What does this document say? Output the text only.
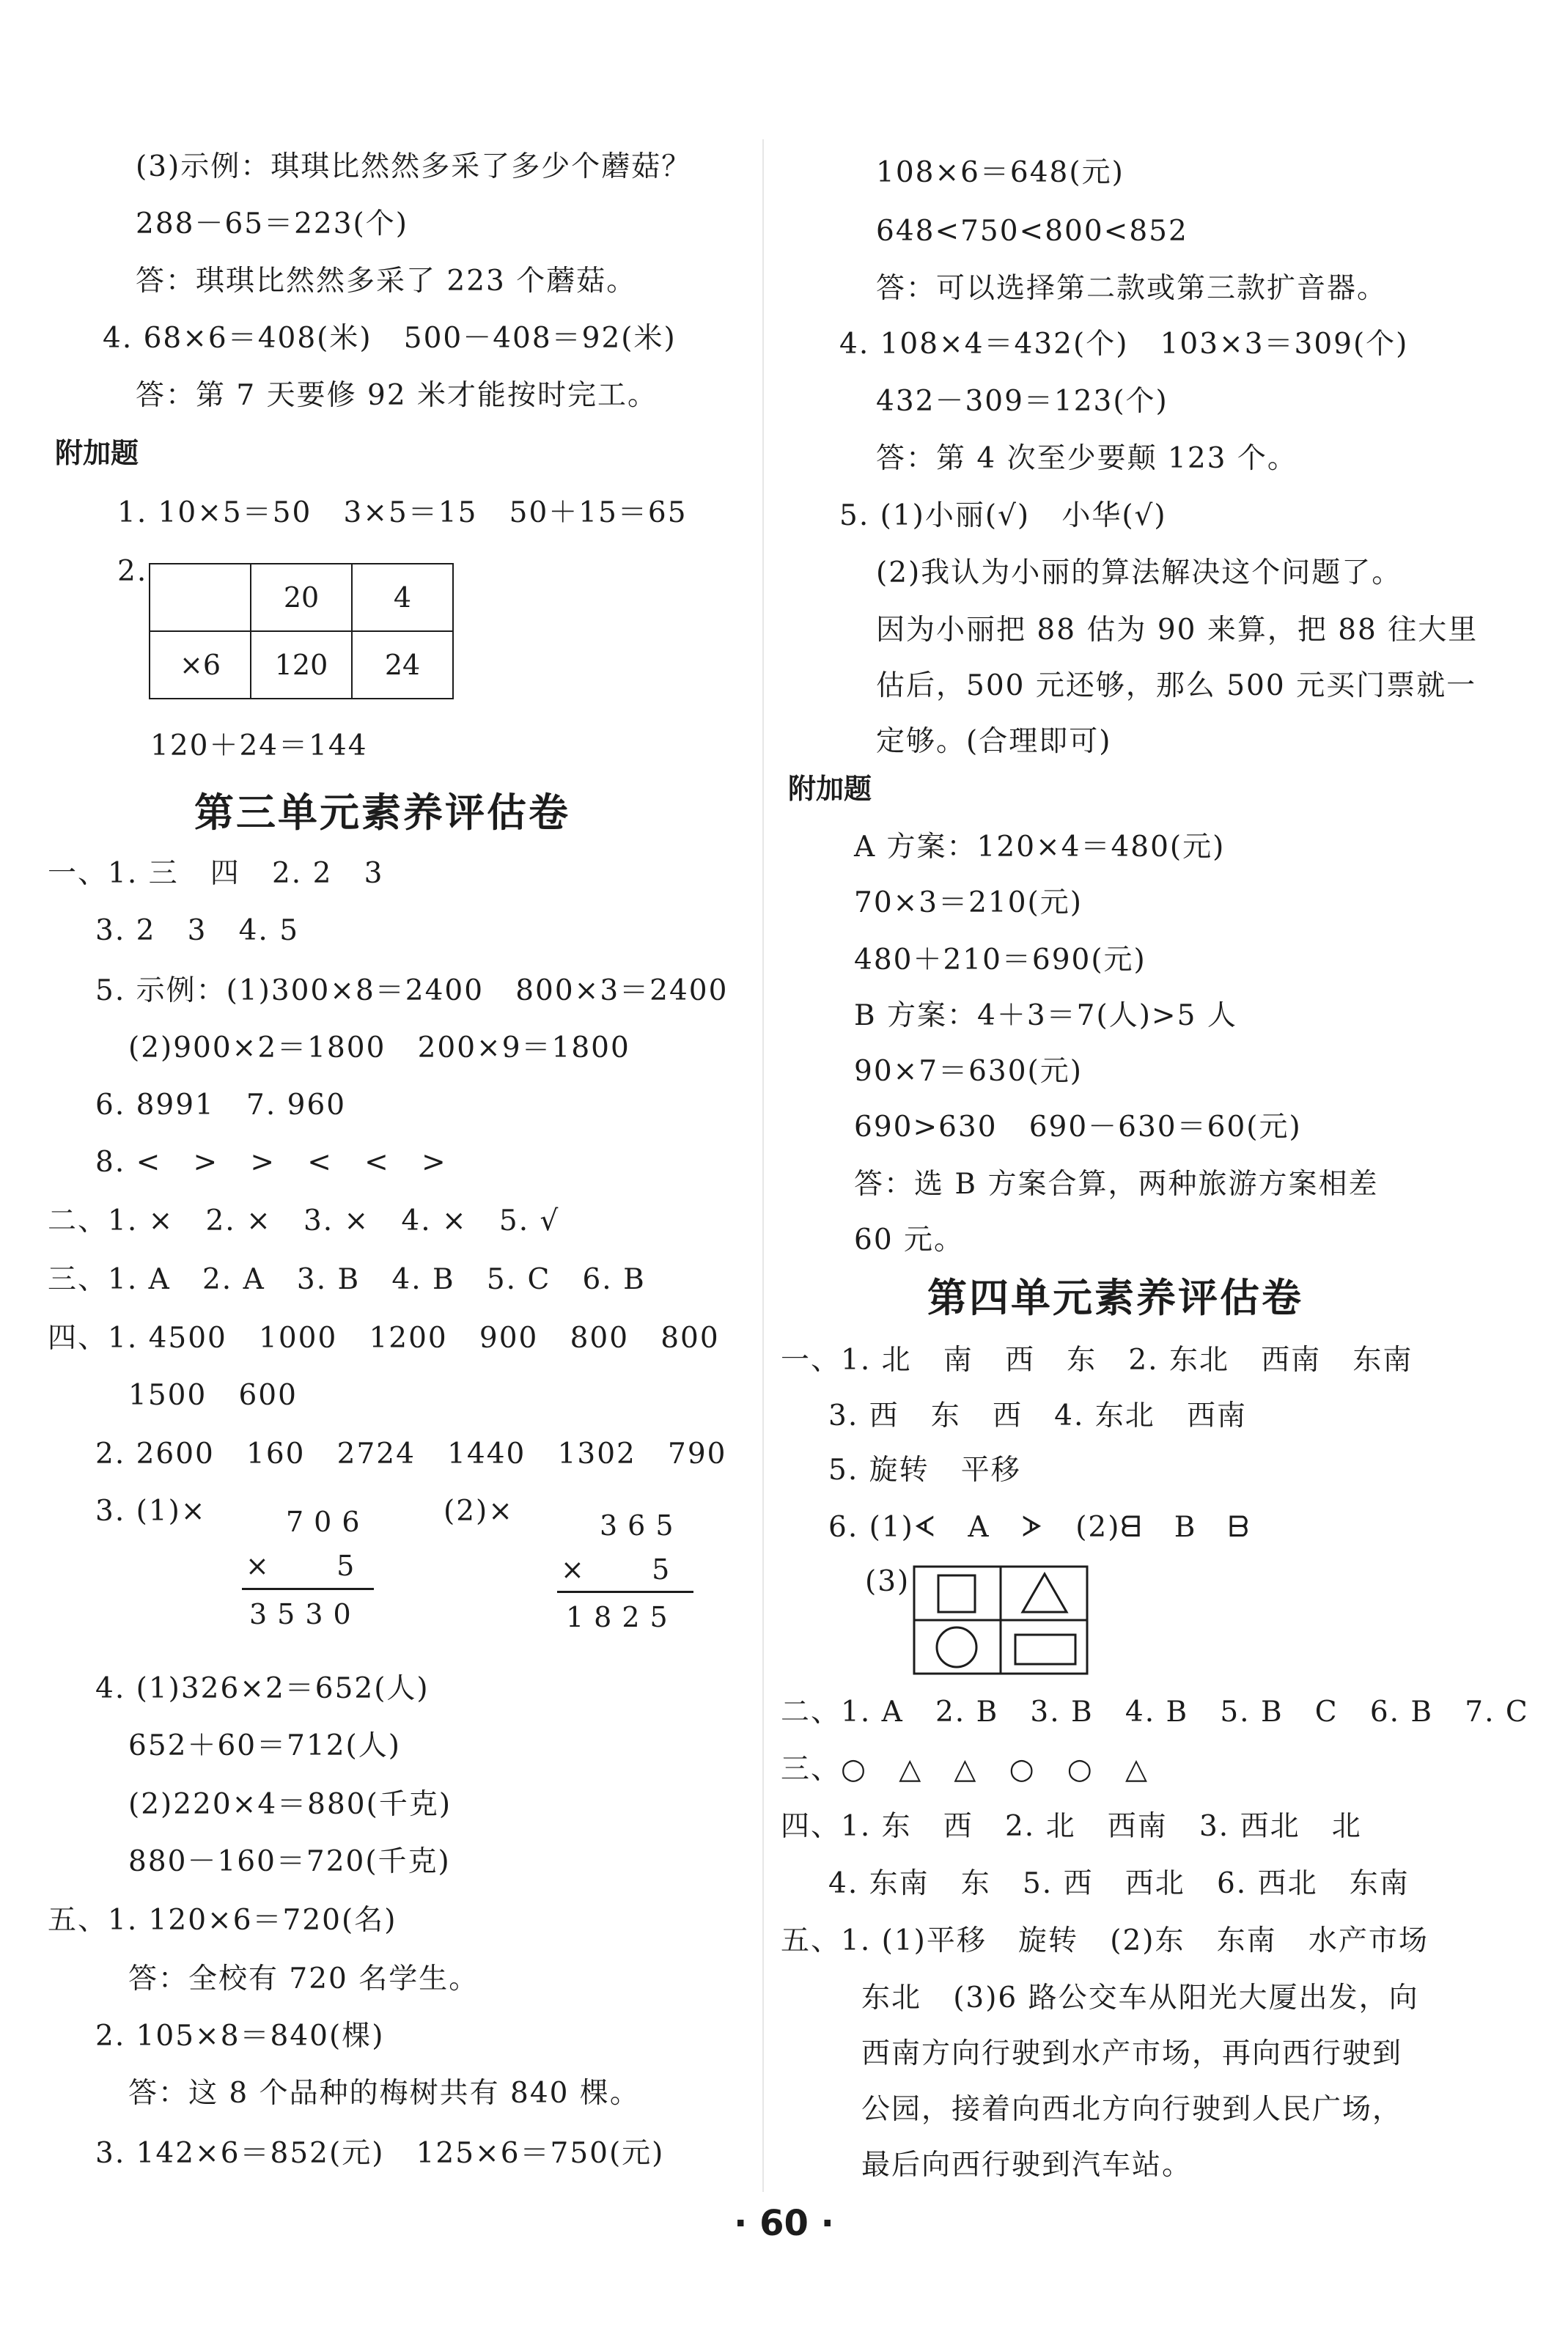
(3)示例：琪琪比然然多采了多少个蘑菇？
288－65＝223(个)
答：琪琪比然然多采了 223 个蘑菇。
4. 68×6＝408(米)   500－408＝92(米)
答：第 7 天要修 92 米才能按时完工。
附加题
1. 10×5＝50   3×5＝15   50＋15＝65
2.
	20	4
×6	120	24
120＋24＝144
第三单元素养评估卷
一、1. 三   四   2. 2   3
3. 2   3   4. 5
5. 示例：(1)300×8＝2400   800×3＝2400
(2)900×2＝1800   200×9＝1800
6. 8991   7. 960
8. <   >   >   <   <   >
二、1. ×   2. ×   3. ×   4. ×   5. √
三、1. A   2. A   3. B   4. B   5. C   6. B
四、1. 4500   1000   1200   900   800   800
1500   600
2. 2600   160   2724   1440   1302   790
3. (1)×	706
×   5
3530
(2)×	365
×   5
1825
4. (1)326×2＝652(人)
652＋60＝712(人)
(2)220×4＝880(千克)
880－160＝720(千克)
五、1. 120×6＝720(名)
答：全校有 720 名学生。
2. 105×8＝840(棵)
答：这 8 个品种的梅树共有 840 棵。
3. 142×6＝852(元)   125×6＝750(元)
108×6＝648(元)
648<750<800<852
答：可以选择第二款或第三款扩音器。
4. 108×4＝432(个)   103×3＝309(个)
432－309＝123(个)
答：第 4 次至少要颠 123 个。
5. (1)小丽(√)   小华(√)
(2)我认为小丽的算法解决这个问题了。
因为小丽把 88 估为 90 来算，把 88 往大里
估后，500 元还够，那么 500 元买门票就一
定够。(合理即可)
附加题
A 方案：120×4＝480(元)
70×3＝210(元)
480＋210＝690(元)
B 方案：4＋3＝7(人)>5 人
90×7＝630(元)
690>630   690－630＝60(元)
答：选 B 方案合算，两种旅游方案相差
60 元。
第四单元素养评估卷
一、1. 北   南   西   东   2. 东北   西南   东南
3. 西   东   西   4. 东北   西南
5. 旋转   平移
6. (1)ᗉ   A   ᗆ   (2)ᗺ   B   ᗷ
(3)
二、1. A   2. B   3. B   4. B   5. B   C   6. B   7. C
三、○   △   △   ○   ○   △
四、1. 东   西   2. 北   西南   3. 西北   北
4. 东南   东   5. 西   西北   6. 西北   东南
五、1. (1)平移   旋转   (2)东   东南   水产市场
东北   (3)6 路公交车从阳光大厦出发，向
西南方向行驶到水产市场，再向西行驶到
公园，接着向西北方向行驶到人民广场，
最后向西行驶到汽车站。
· 60 ·
